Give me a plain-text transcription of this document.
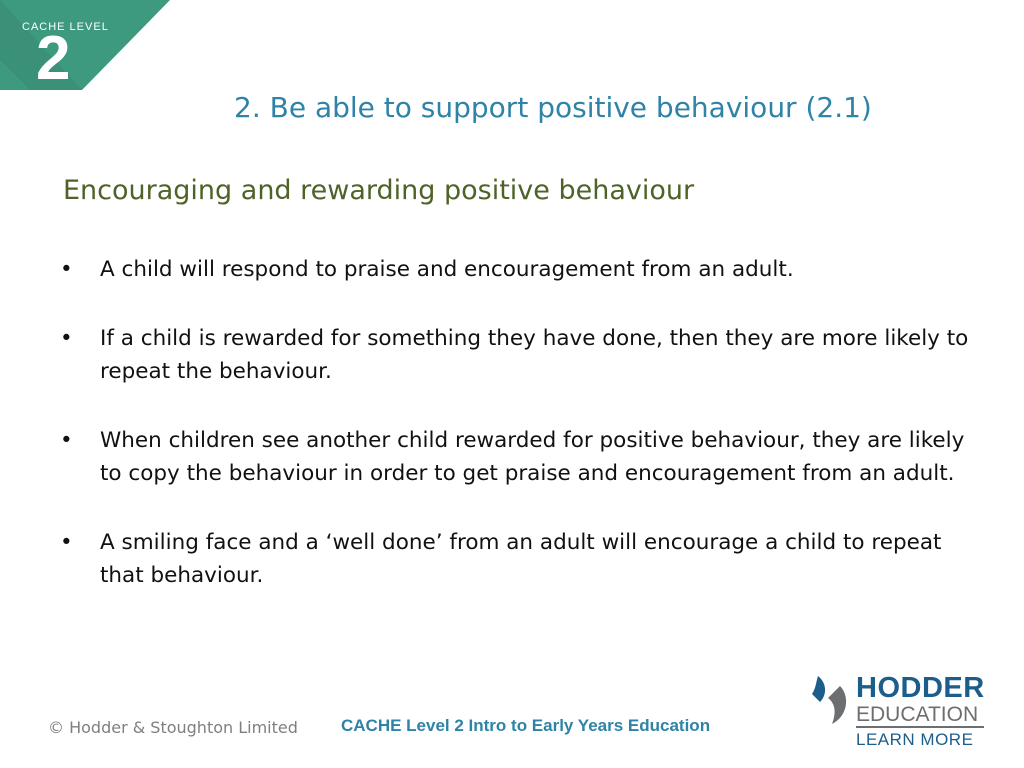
CACHE LEVEL
2
2. Be able to support positive behaviour (2.1)
Encouraging and rewarding positive behaviour
• A child will respond to praise and encouragement from an adult.
• If a child is rewarded for something they have done, then they are more likely to repeat the behaviour.
• When children see another child rewarded for positive behaviour, they are likely to copy the behaviour in order to get praise and encouragement from an adult.
• A smiling face and a ‘well done’ from an adult will encourage a child to repeat that behaviour.
© Hodder & Stoughton Limited	CACHE Level 2 Intro to Early Years Education
HODDER
EDUCATION
LEARN MORE
